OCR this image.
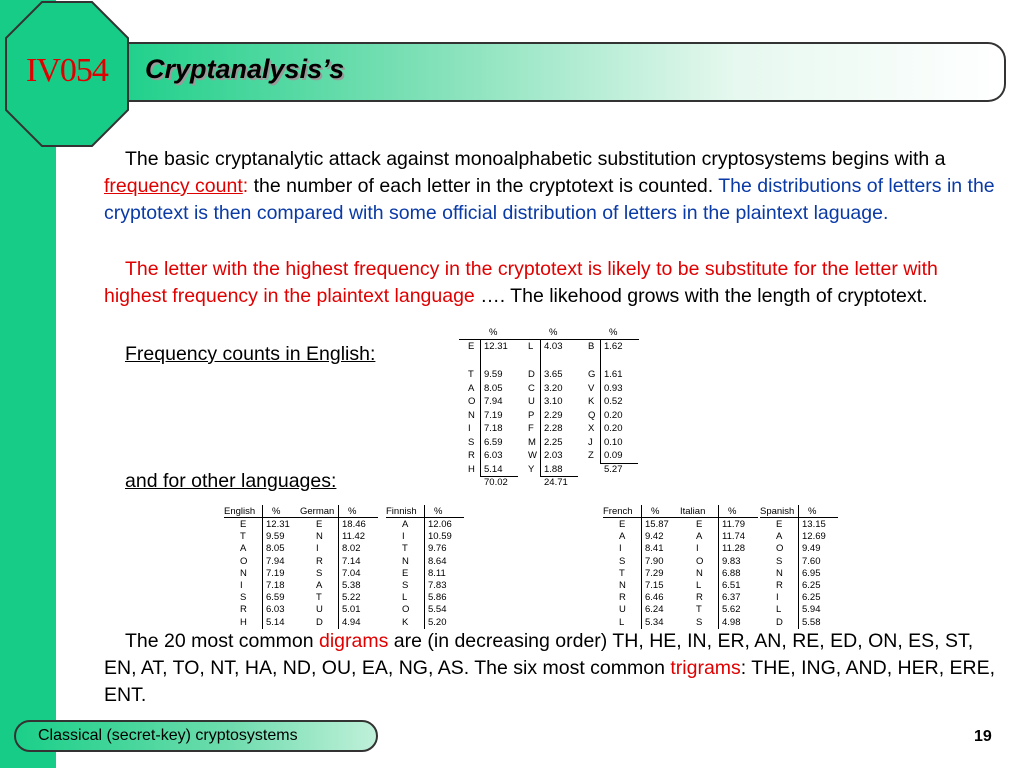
IV054	Cryptanalysis’s
The basic cryptanalytic attack against monoalphabetic substitution cryptosystems begins with a frequency count: the number of each letter in the cryptotext is counted. The distributions of letters in the cryptotext is then compared with some official distribution of letters in the plaintext laguage.
The letter with the highest frequency in the cryptotext is likely to be substitute for the letter with highest frequency in the plaintext language …. The likehood grows with the length of cryptotext.
Frequency counts in English:
and for other languages:
%
E 12.31
T 9.59
A 8.05
O 7.94
N 7.19
I 7.18
S 6.59
R 6.03
H 5.14
70.02
%
L 4.03
D 3.65
C 3.20
U 3.10
P 2.29
F 2.28
M 2.25
W 2.03
Y 1.88
24.71
%
B 1.62
G 1.61
V 0.93
K 0.52
Q 0.20
X 0.20
J 0.10
Z 0.09
5.27
English %
E 12.31
T 9.59
A 8.05
O 7.94
N 7.19
I 7.18
S 6.59
R 6.03
H 5.14
German %
E 18.46
N 11.42
I 8.02
R 7.14
S 7.04
A 5.38
T 5.22
U 5.01
D 4.94
Finnish %
A 12.06
I 10.59
T 9.76
N 8.64
E 8.11
S 7.83
L 5.86
O 5.54
K 5.20
French %
E 15.87
A 9.42
I 8.41
S 7.90
T 7.29
N 7.15
R 6.46
U 6.24
L 5.34
Italian %
E 11.79
A 11.74
I 11.28
O 9.83
N 6.88
L 6.51
R 6.37
T 5.62
S 4.98
Spanish %
E 13.15
A 12.69
O 9.49
S 7.60
N 6.95
R 6.25
I 6.25
L 5.94
D 5.58
The 20 most common digrams are (in decreasing order) TH, HE, IN, ER, AN, RE, ED, ON, ES, ST, EN, AT, TO, NT, HA, ND, OU, EA, NG, AS. The six most common trigrams: THE, ING, AND, HER, ERE, ENT.
Classical (secret-key) cryptosystems	19
